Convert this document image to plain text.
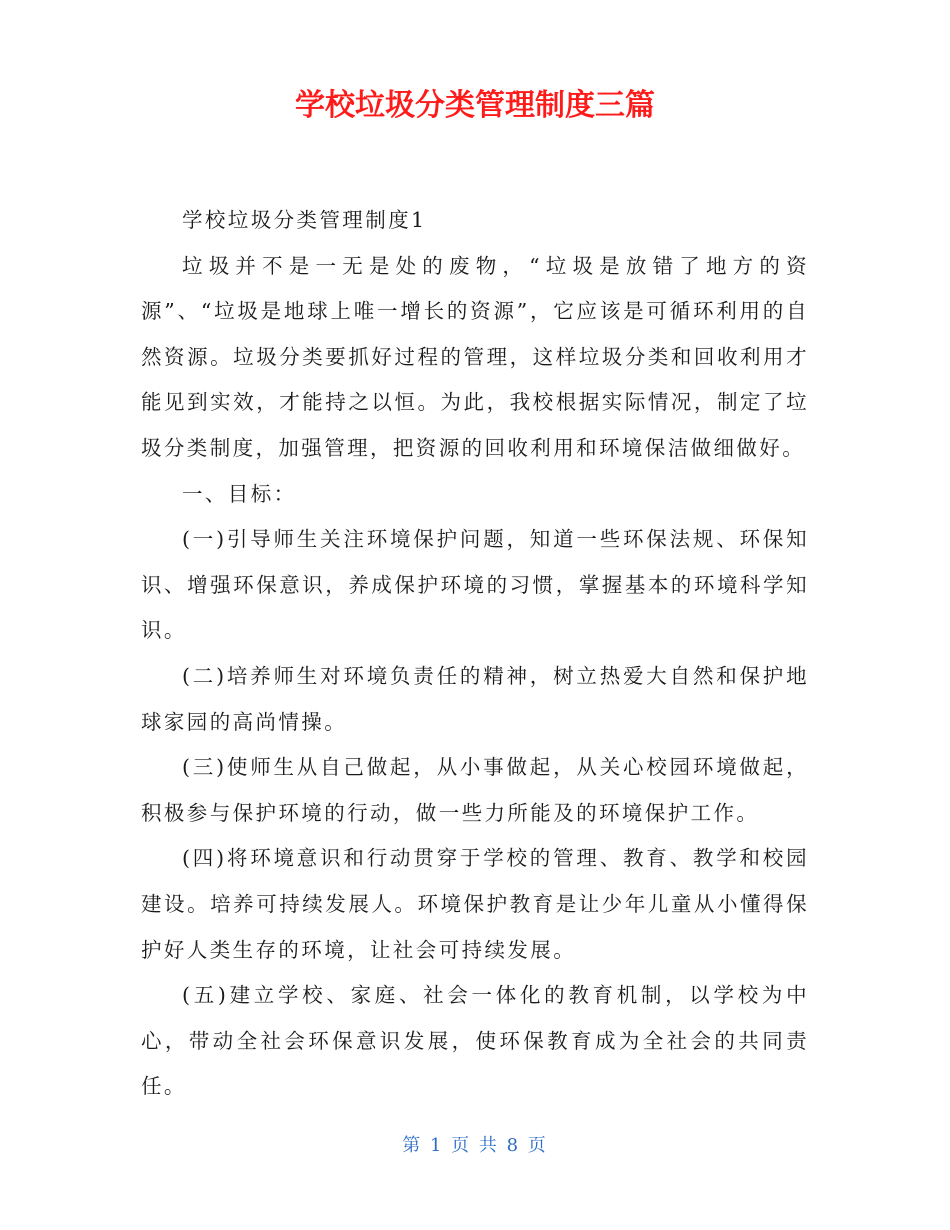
学校垃圾分类管理制度三篇

学校垃圾分类管理制度1

垃圾并不是一无是处的废物，“垃圾是放错了地方的资源”、“垃圾是地球上唯一增长的资源”，它应该是可循环利用的自然资源。垃圾分类要抓好过程的管理，这样垃圾分类和回收利用才能见到实效，才能持之以恒。为此，我校根据实际情况，制定了垃圾分类制度，加强管理，把资源的回收利用和环境保洁做细做好。

一、目标：

(一)引导师生关注环境保护问题，知道一些环保法规、环保知识、增强环保意识，养成保护环境的习惯，掌握基本的环境科学知识。

(二)培养师生对环境负责任的精神，树立热爱大自然和保护地球家园的高尚情操。

(三)使师生从自己做起，从小事做起，从关心校园环境做起，积极参与保护环境的行动，做一些力所能及的环境保护工作。

(四)将环境意识和行动贯穿于学校的管理、教育、教学和校园建设。培养可持续发展人。环境保护教育是让少年儿童从小懂得保护好人类生存的环境，让社会可持续发展。

(五)建立学校、家庭、社会一体化的教育机制，以学校为中心，带动全社会环保意识发展，使环保教育成为全社会的共同责任。

第 1 页 共 8 页
